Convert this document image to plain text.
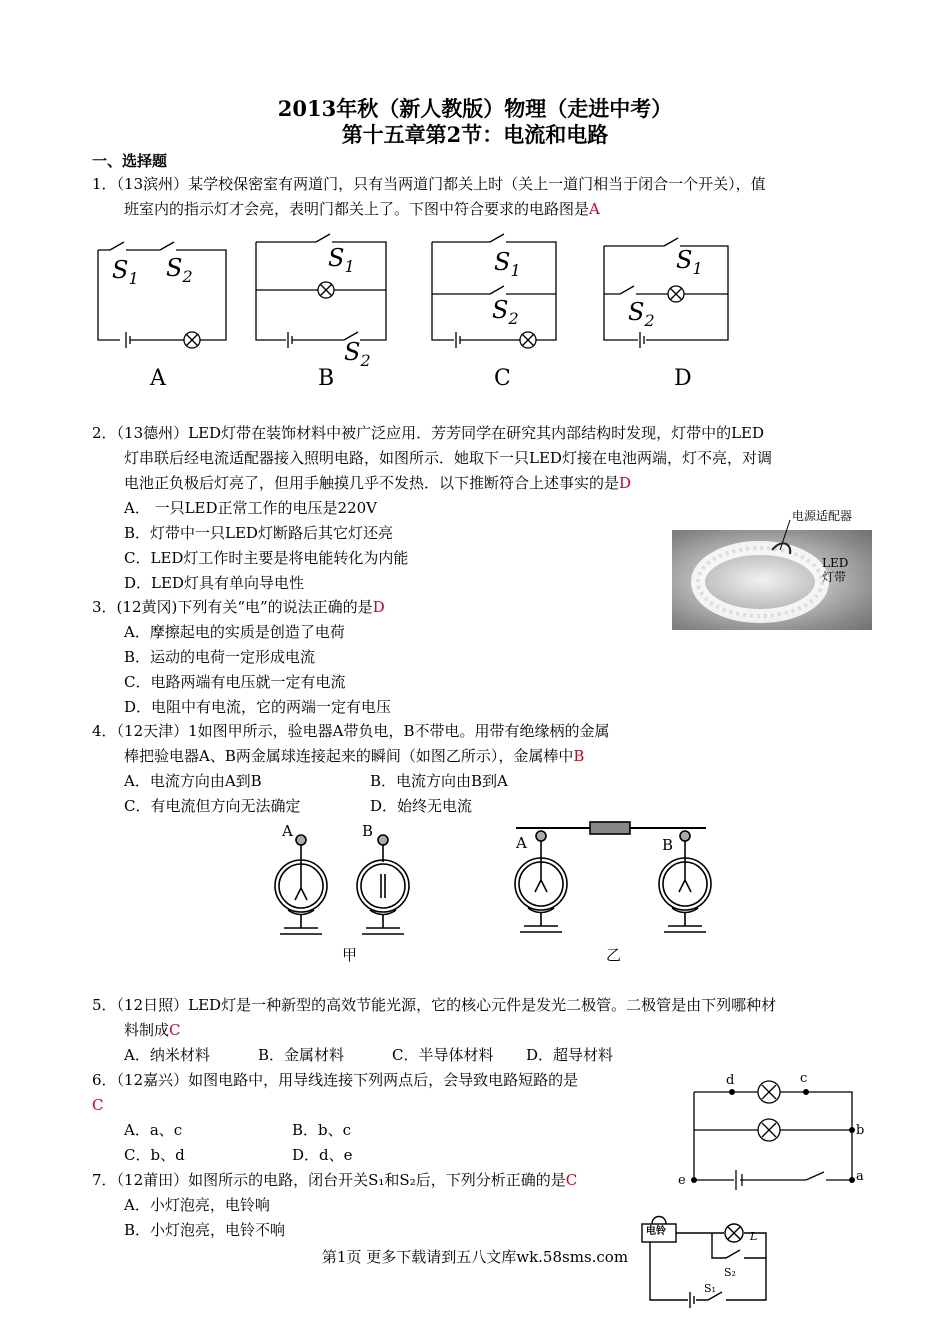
2013年秋（新人教版）物理（走进中考）
第十五章第2节：电流和电路
一、选择题
1．（13滨州）某学校保密室有两道门，只有当两道门都关上时（关上一道门相当于闭合一个开关），值
班室内的指示灯才会亮，表明门都关上了。下图中符合要求的电路图是A
$S_1$ $S_2$
$S_1$
$S_2$
$S_1$
$S_2$
$S_1$
$S_2$
A	B	C	D
2．（13德州）LED灯带在装饰材料中被广泛应用．芳芳同学在研究其内部结构时发现，灯带中的LED
灯串联后经电流适配器接入照明电路，如图所示．她取下一只LED灯接在电池两端，灯不亮，对调
电池正负极后灯亮了，但用手触摸几乎不发热．以下推断符合上述事实的是D
A． 一只LED正常工作的电压是220V
B．灯带中一只LED灯断路后其它灯还亮
C．LED灯工作时主要是将电能转化为内能
D．LED灯具有单向导电性
电源适配器
LED
灯带
3．(12黄冈)下列有关“电”的说法正确的是D
A．摩擦起电的实质是创造了电荷
B．运动的电荷一定形成电流
C．电路两端有电压就一定有电流
D．电阻中有电流，它的两端一定有电压
4．（12天津）1如图甲所示，验电器A带负电，B不带电。用带有绝缘柄的金属
棒把验电器A、B两金属球连接起来的瞬间（如图乙所示），金属棒中B
A．电流方向由A到B	B．电流方向由B到A
C．有电流但方向无法确定	D．始终无电流
A	B
甲
A	B
乙
5．（12日照）LED灯是一种新型的高效节能光源，它的核心元件是发光二极管。二极管是由下列哪种材
料制成C
A．纳米材料	B．金属材料	C．半导体材料 D．超导材料
6．（12嘉兴）如图电路中，用导线连接下列两点后，会导致电路短路的是
C
A．a、c	B．b、c
C．b、d	D．d、e
d	c
b
e	a
7．（12莆田）如图所示的电路，闭台开关S₁和S₂后，下列分析正确的是C
A．小灯泡亮，电铃响
B．小灯泡亮，电铃不响	电铃	L
S₂
S₁
第1页 更多下载请到五八文库wk.58sms.com
